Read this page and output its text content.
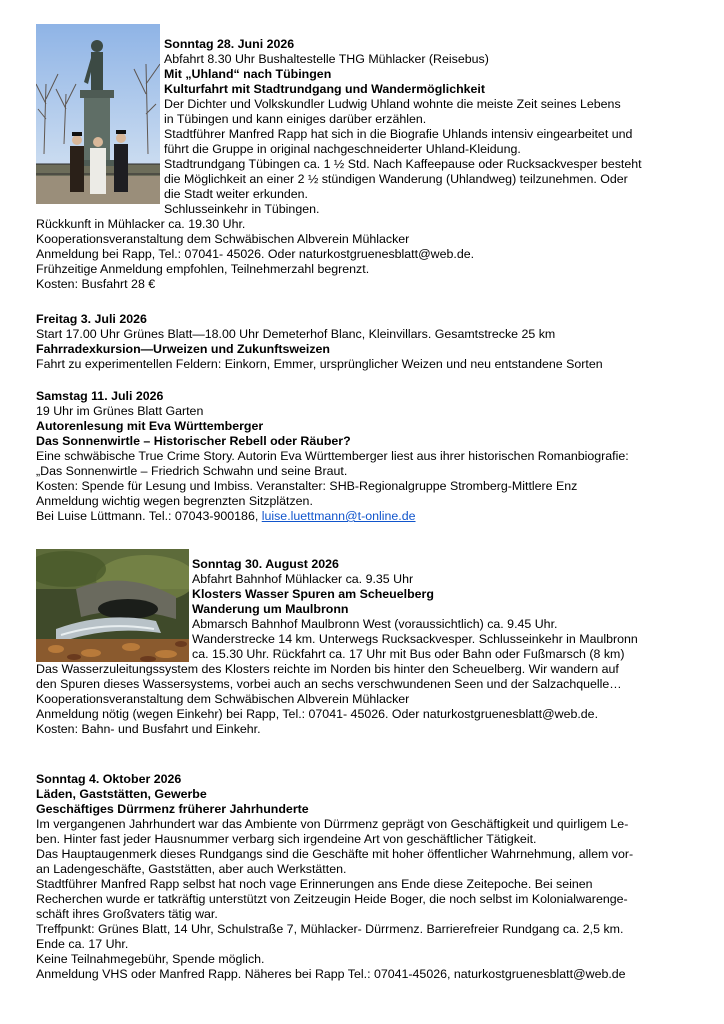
Sonntag 28. Juni 2026
Abfahrt 8.30 Uhr Bushaltestelle THG Mühlacker (Reisebus)
Mit „Uhland“ nach Tübingen
Kulturfahrt mit Stadtrundgang und Wandermöglichkeit
Der Dichter und Volkskundler Ludwig Uhland wohnte die meiste Zeit seines Lebens
in Tübingen und kann einiges darüber erzählen.
Stadtführer Manfred Rapp hat sich in die Biografie Uhlands intensiv eingearbeitet und
führt die Gruppe in original nachgeschneiderter Uhland-Kleidung.
Stadtrundgang Tübingen ca. 1 ½ Std. Nach Kaffeepause oder Rucksackvesper besteht
die Möglichkeit an einer 2 ½ stündigen Wanderung (Uhlandweg) teilzunehmen. Oder
die Stadt weiter erkunden.
Schlusseinkehr in Tübingen.
Rückkunft in Mühlacker ca. 19.30 Uhr.
Kooperationsveranstaltung dem Schwäbischen Albverein Mühlacker
Anmeldung bei Rapp, Tel.: 07041- 45026. Oder naturkostgruenesblatt@web.de.
Frühzeitige Anmeldung empfohlen, Teilnehmerzahl begrenzt.
Kosten: Busfahrt 28 €
Freitag 3. Juli 2026
Start 17.00 Uhr Grünes Blatt—18.00 Uhr Demeterhof Blanc, Kleinvillars. Gesamtstrecke 25 km
Fahrradexkursion—Urweizen und Zukunftsweizen
Fahrt zu experimentellen Feldern: Einkorn, Emmer, ursprünglicher Weizen und neu entstandene Sorten
Samstag 11. Juli 2026
19 Uhr im Grünes Blatt Garten
Autorenlesung mit Eva Württemberger
Das Sonnenwirtle – Historischer Rebell oder Räuber?
Eine schwäbische True Crime Story. Autorin Eva Württemberger liest aus ihrer historischen Romanbiografie:
„Das Sonnenwirtle – Friedrich Schwahn und seine Braut.
Kosten: Spende für Lesung und Imbiss. Veranstalter: SHB-Regionalgruppe Stromberg-Mittlere Enz
Anmeldung wichtig wegen begrenzten Sitzplätzen.
Bei Luise Lüttmann. Tel.: 07043-900186, luise.luettmann@t-online.de
Sonntag 30. August 2026
Abfahrt Bahnhof Mühlacker ca. 9.35 Uhr
Klosters Wasser Spuren am Scheuelberg
Wanderung um Maulbronn
Abmarsch Bahnhof Maulbronn West (voraussichtlich) ca. 9.45 Uhr.
Wanderstrecke 14 km. Unterwegs Rucksackvesper. Schlusseinkehr in Maulbronn
ca. 15.30 Uhr. Rückfahrt ca. 17 Uhr mit Bus oder Bahn oder Fußmarsch (8 km)
Das Wasserzuleitungssystem des Klosters reichte im Norden bis hinter den Scheuelberg. Wir wandern auf
den Spuren dieses Wassersystems, vorbei auch an sechs verschwundenen Seen und der Salzachquelle…
Kooperationsveranstaltung dem Schwäbischen Albverein Mühlacker
Anmeldung nötig (wegen Einkehr) bei Rapp, Tel.: 07041- 45026. Oder naturkostgruenesblatt@web.de.
Kosten: Bahn- und Busfahrt und Einkehr.
Sonntag 4. Oktober 2026
Läden, Gaststätten, Gewerbe
Geschäftiges Dürrmenz früherer Jahrhunderte
Im vergangenen Jahrhundert war das Ambiente von Dürrmenz geprägt von Geschäftigkeit und quirligem Le-
ben. Hinter fast jeder Hausnummer verbarg sich irgendeine Art von geschäftlicher Tätigkeit.
Das Hauptaugenmerk dieses Rundgangs sind die Geschäfte mit hoher öffentlicher Wahrnehmung, allem vor-
an Ladengeschäfte, Gaststätten, aber auch Werkstätten.
Stadtführer Manfred Rapp selbst hat noch vage Erinnerungen ans Ende diese Zeitepoche. Bei seinen
Recherchen wurde er tatkräftig unterstützt von Zeitzeugin Heide Boger, die noch selbst im Kolonialwarenge-
schäft ihres Großvaters tätig war.
Treffpunkt: Grünes Blatt, 14 Uhr, Schulstraße 7, Mühlacker- Dürrmenz. Barrierefreier Rundgang ca. 2,5 km.
Ende ca. 17 Uhr.
Keine Teilnahmegebühr, Spende möglich.
Anmeldung VHS oder Manfred Rapp. Näheres bei Rapp Tel.: 07041-45026, naturkostgruenesblatt@web.de
